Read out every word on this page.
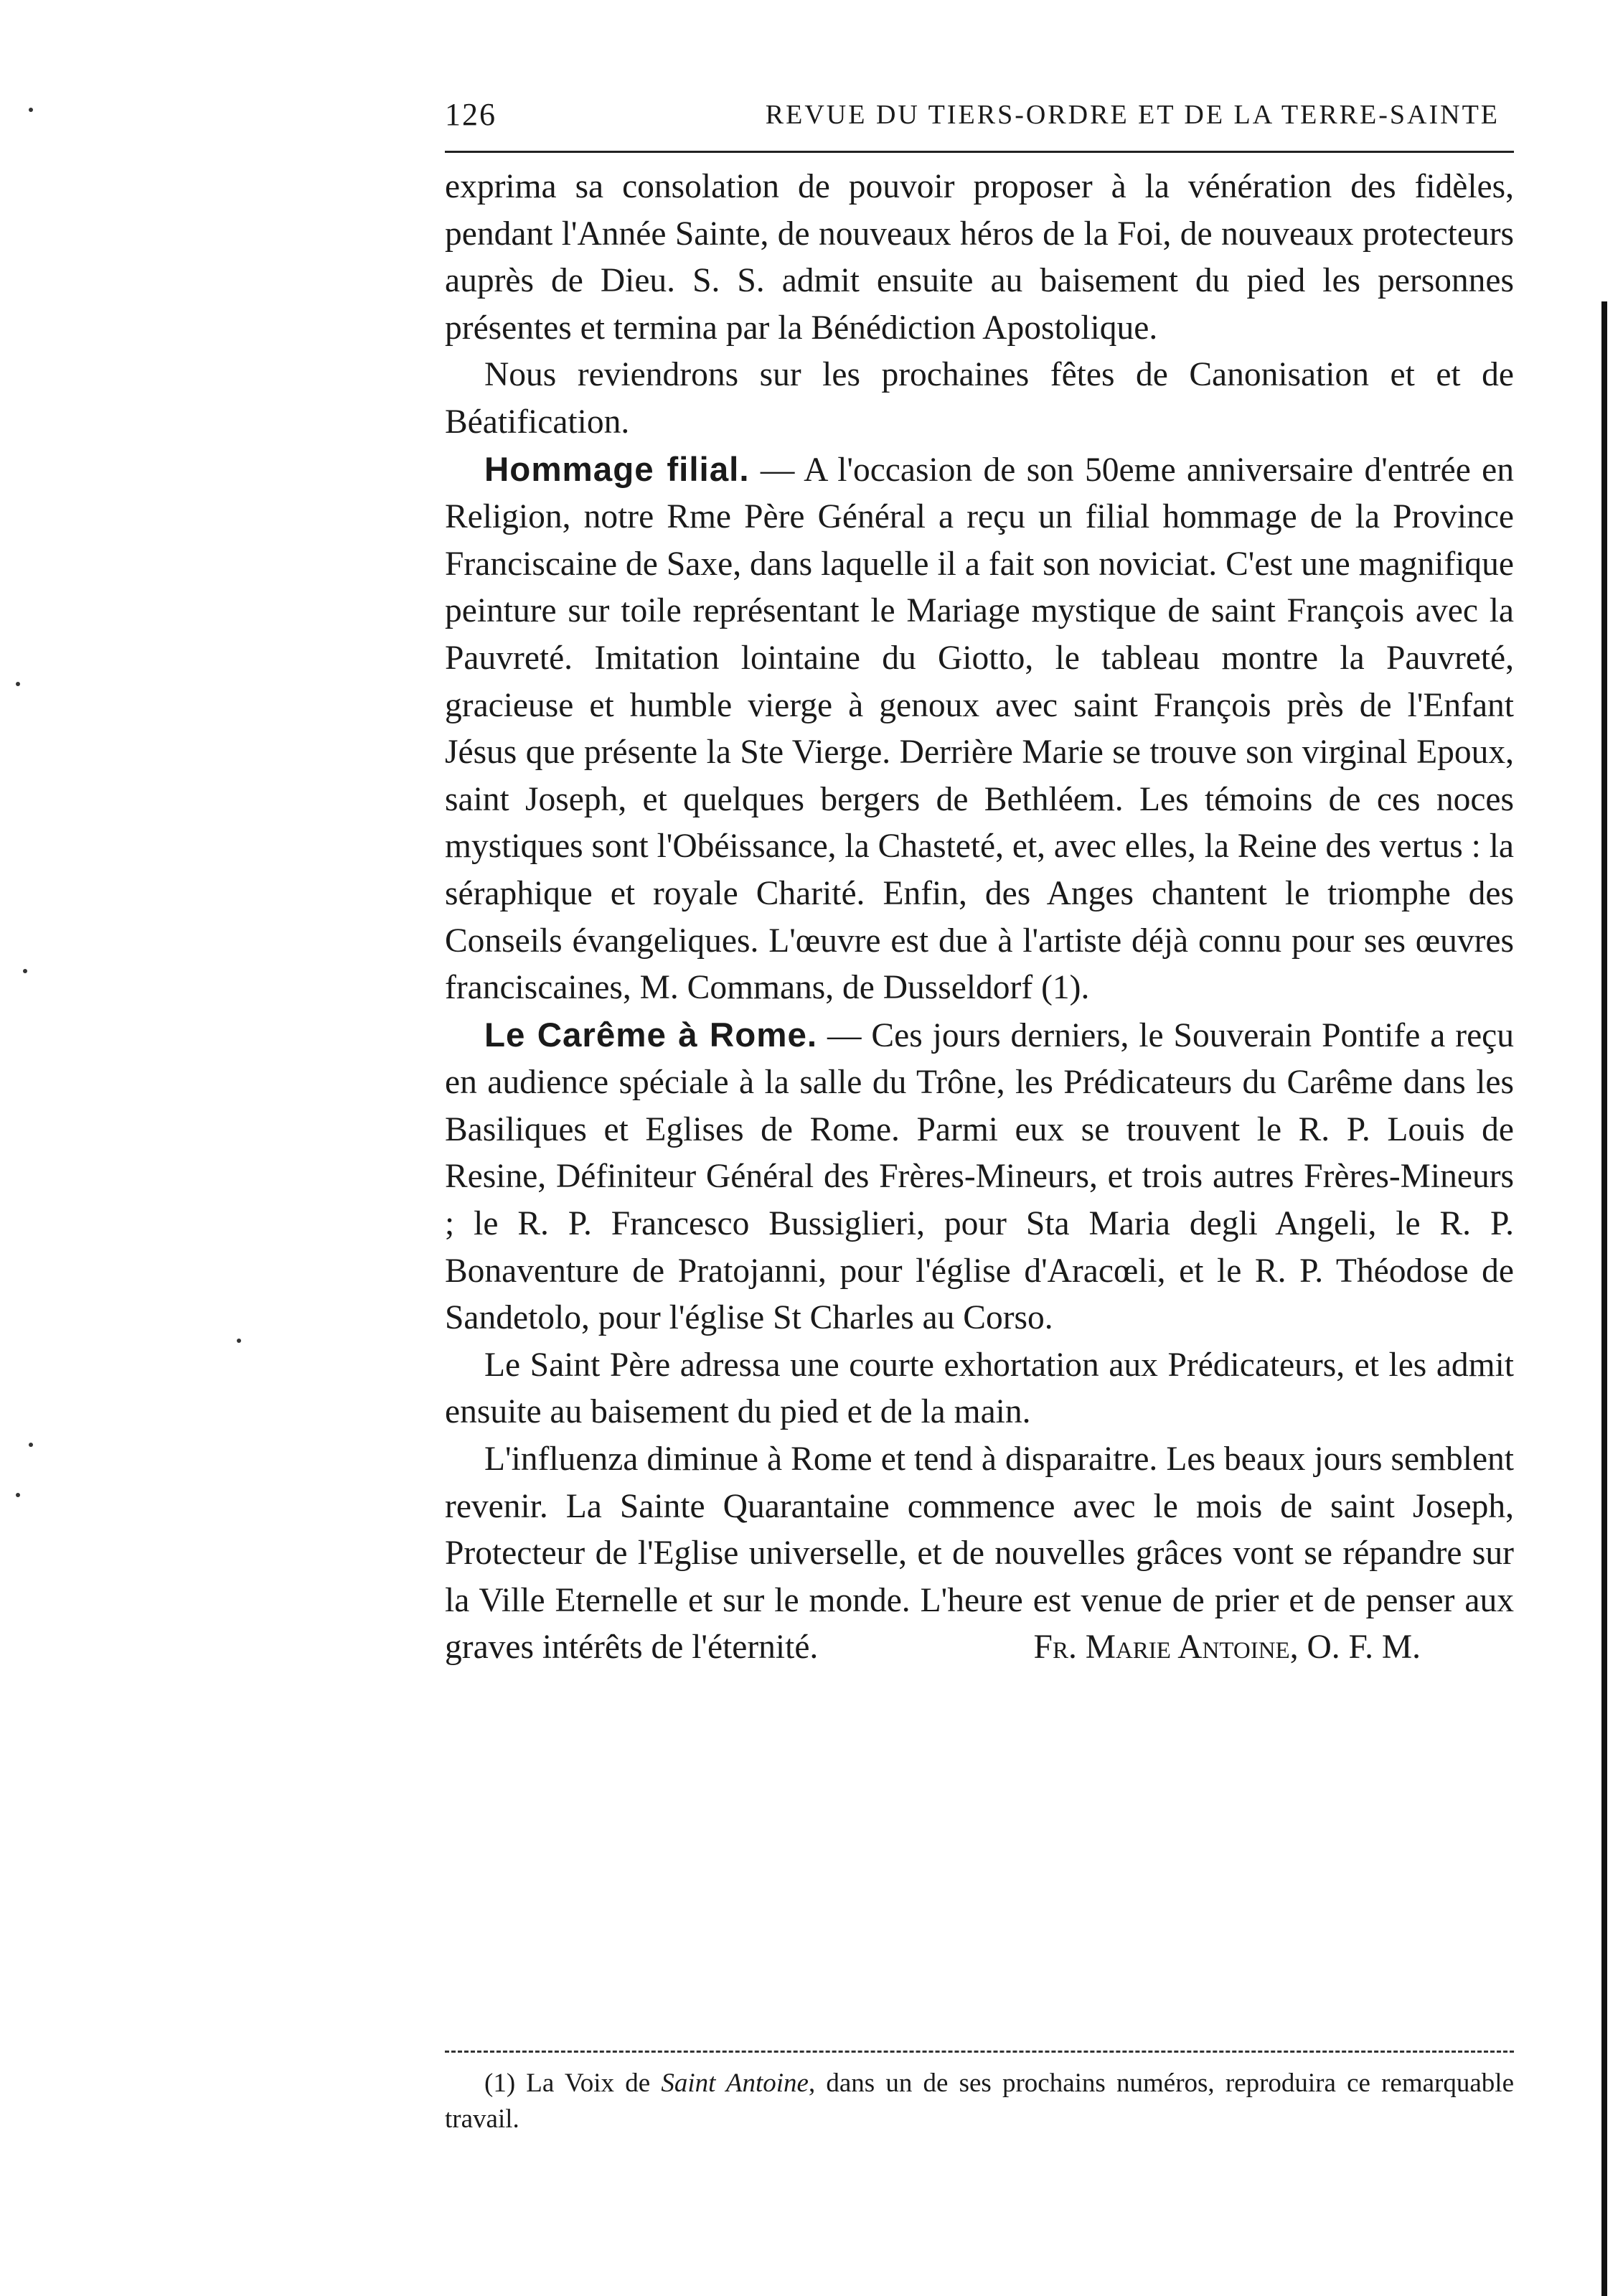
126	REVUE DU TIERS-ORDRE ET DE LA TERRE-SAINTE

exprima sa consolation de pouvoir proposer à la vénération des fidèles, pendant l'Année Sainte, de nouveaux héros de la Foi, de nouveaux protecteurs auprès de Dieu. S. S. admit ensuite au baisement du pied les personnes présentes et termina par la Bénédiction Apostolique.

Nous reviendrons sur les prochaines fêtes de Canonisation et et de Béatification.

Hommage filial. — A l'occasion de son 50eme anniversaire d'entrée en Religion, notre Rme Père Général a reçu un filial hommage de la Province Franciscaine de Saxe, dans laquelle il a fait son noviciat. C'est une magnifique peinture sur toile représentant le Mariage mystique de saint François avec la Pauvreté. Imitation lointaine du Giotto, le tableau montre la Pauvreté, gracieuse et humble vierge à genoux avec saint François près de l'Enfant Jésus que présente la Ste Vierge. Derrière Marie se trouve son virginal Epoux, saint Joseph, et quelques bergers de Bethléem. Les témoins de ces noces mystiques sont l'Obéissance, la Chasteté, et, avec elles, la Reine des vertus : la séraphique et royale Charité. Enfin, des Anges chantent le triomphe des Conseils évangeliques. L'œuvre est due à l'artiste déjà connu pour ses œuvres franciscaines, M. Commans, de Dusseldorf (1).

Le Carême à Rome. — Ces jours derniers, le Souverain Pontife a reçu en audience spéciale à la salle du Trône, les Prédicateurs du Carême dans les Basiliques et Eglises de Rome. Parmi eux se trouvent le R. P. Louis de Resine, Définiteur Général des Frères-Mineurs, et trois autres Frères-Mineurs ; le R. P. Francesco Bussiglieri, pour Sta Maria degli Angeli, le R. P. Bonaventure de Pratojanni, pour l'église d'Aracœli, et le R. P. Théodose de Sandetolo, pour l'église St Charles au Corso.

Le Saint Père adressa une courte exhortation aux Prédicateurs, et les admit ensuite au baisement du pied et de la main.

L'influenza diminue à Rome et tend à disparaitre. Les beaux jours semblent revenir. La Sainte Quarantaine commence avec le mois de saint Joseph, Protecteur de l'Eglise universelle, et de nouvelles grâces vont se répandre sur la Ville Eternelle et sur le monde. L'heure est venue de prier et de penser aux graves intérêts de l'éternité.	Fr. Marie Antoine, O. F. M.

(1) La Voix de Saint Antoine, dans un de ses prochains numéros, reproduira ce remarquable travail.
